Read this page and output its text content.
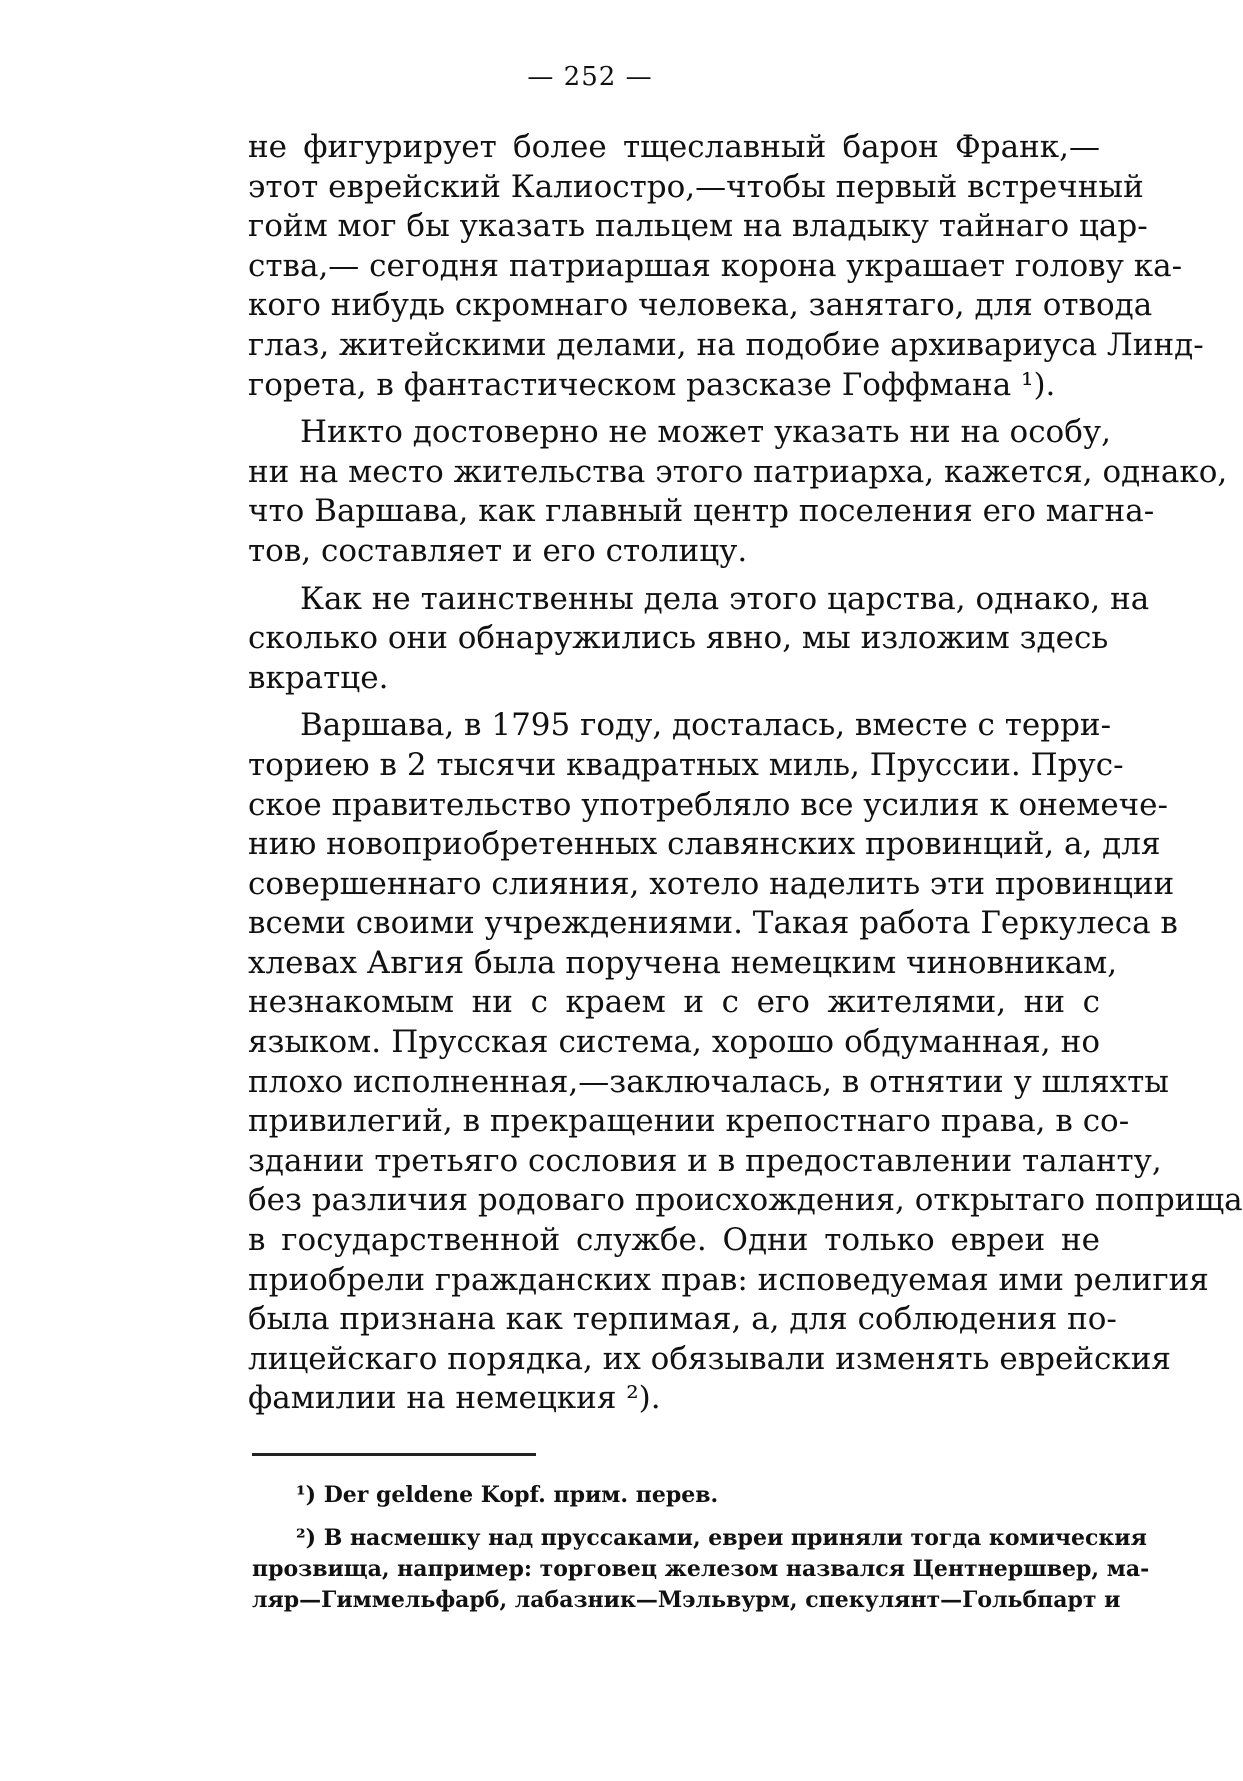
— 252 —
не фигурирует более тщеславный барон Франк,—
этот еврейский Калиостро,—чтобы первый встречный
гойм мог бы указать пальцем на владыку тайнаго цар-
ства,— сегодня патриаршая корона украшает голову ка-
кого нибудь скромнаго человека, занятаго, для отвода
глаз, житейскими делами, на подобие архивариуса Линд-
горета, в фантастическом разсказе Гоффмана ¹).
Никто достоверно не может указать ни на особу,
ни на место жительства этого патриарха, кажется, однако,
что Варшава, как главный центр поселения его магна-
тов, составляет и его столицу.
Как не таинственны дела этого царства, однако, на
сколько они обнаружились явно, мы изложим здесь
вкратце.
Варшава, в 1795 году, досталась, вместе с терри-
ториею в 2 тысячи квадратных миль, Пруссии. Прус-
ское правительство употребляло все усилия к онемече-
нию новоприобретенных славянских провинций, а, для
совершеннаго слияния, хотело наделить эти провинции
всеми своими учреждениями. Такая работа Геркулеса в
хлевах Авгия была поручена немецким чиновникам,
незнакомым ни с краем и с его жителями, ни с
языком. Прусская система, хорошо обдуманная, но
плохо исполненная,—заключалась, в отнятии у шляхты
привилегий, в прекращении крепостнаго права, в со-
здании третьяго сословия и в предоставлении таланту,
без различия родоваго происхождения, открытаго поприща
в государственной службе. Одни только евреи не
приобрели гражданских прав: исповедуемая ими религия
была признана как терпимая, а, для соблюдения по-
лицейскаго порядка, их обязывали изменять еврейския
фамилии на немецкия ²).
¹) Der geldene Kopf. прим. перев.
²) В насмешку над пруссаками, евреи приняли тогда комическия
прозвища, например: торговец железом назвался Центнершвер, ма-
ляр—Гиммельфарб, лабазник—Мэльвурм, спекулянт—Гольбпарт и
